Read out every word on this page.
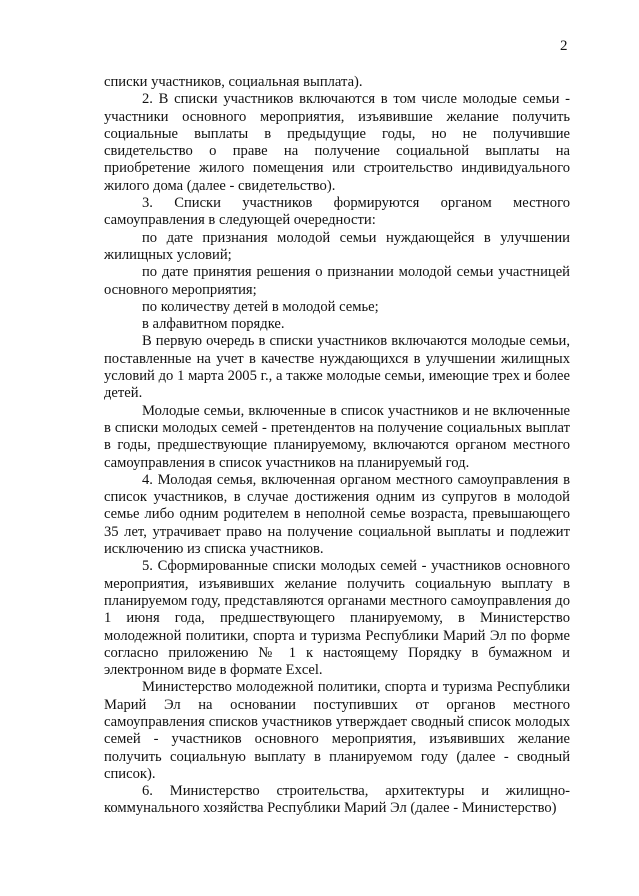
2

списки участников, социальная выплата).

2. В списки участников включаются в том числе молодые семьи - участники основного мероприятия, изъявившие желание получить социальные выплаты в предыдущие годы, но не получившие свидетельство о праве на получение социальной выплаты на приобретение жилого помещения или строительство индивидуального жилого дома (далее - свидетельство).

3. Списки участников формируются органом местного самоуправления в следующей очередности:

по дате признания молодой семьи нуждающейся в улучшении жилищных условий;

по дате принятия решения о признании молодой семьи участницей основного мероприятия;

по количеству детей в молодой семье;

в алфавитном порядке.

В первую очередь в списки участников включаются молодые семьи, поставленные на учет в качестве нуждающихся в улучшении жилищных условий до 1 марта 2005 г., а также молодые семьи, имеющие трех и более детей.

Молодые семьи, включенные в список участников и не включенные в списки молодых семей - претендентов на получение социальных выплат в годы, предшествующие планируемому, включаются органом местного самоуправления в список участников на планируемый год.

4. Молодая семья, включенная органом местного самоуправления в список участников, в случае достижения одним из супругов в молодой семье либо одним родителем в неполной семье возраста, превышающего 35 лет, утрачивает право на получение социальной выплаты и подлежит исключению из списка участников.

5. Сформированные списки молодых семей - участников основного мероприятия, изъявивших желание получить социальную выплату в планируемом году, представляются органами местного самоуправления до 1 июня года, предшествующего планируемому, в Министерство молодежной политики, спорта и туризма Республики Марий Эл по форме согласно приложению № 1 к настоящему Порядку в бумажном и электронном виде в формате Excel.

Министерство молодежной политики, спорта и туризма Республики Марий Эл на основании поступивших от органов местного самоуправления списков участников утверждает сводный список молодых семей - участников основного мероприятия, изъявивших желание получить социальную выплату в планируемом году (далее - сводный список).

6. Министерство строительства, архитектуры и жилищно-коммунального хозяйства Республики Марий Эл (далее - Министерство)
